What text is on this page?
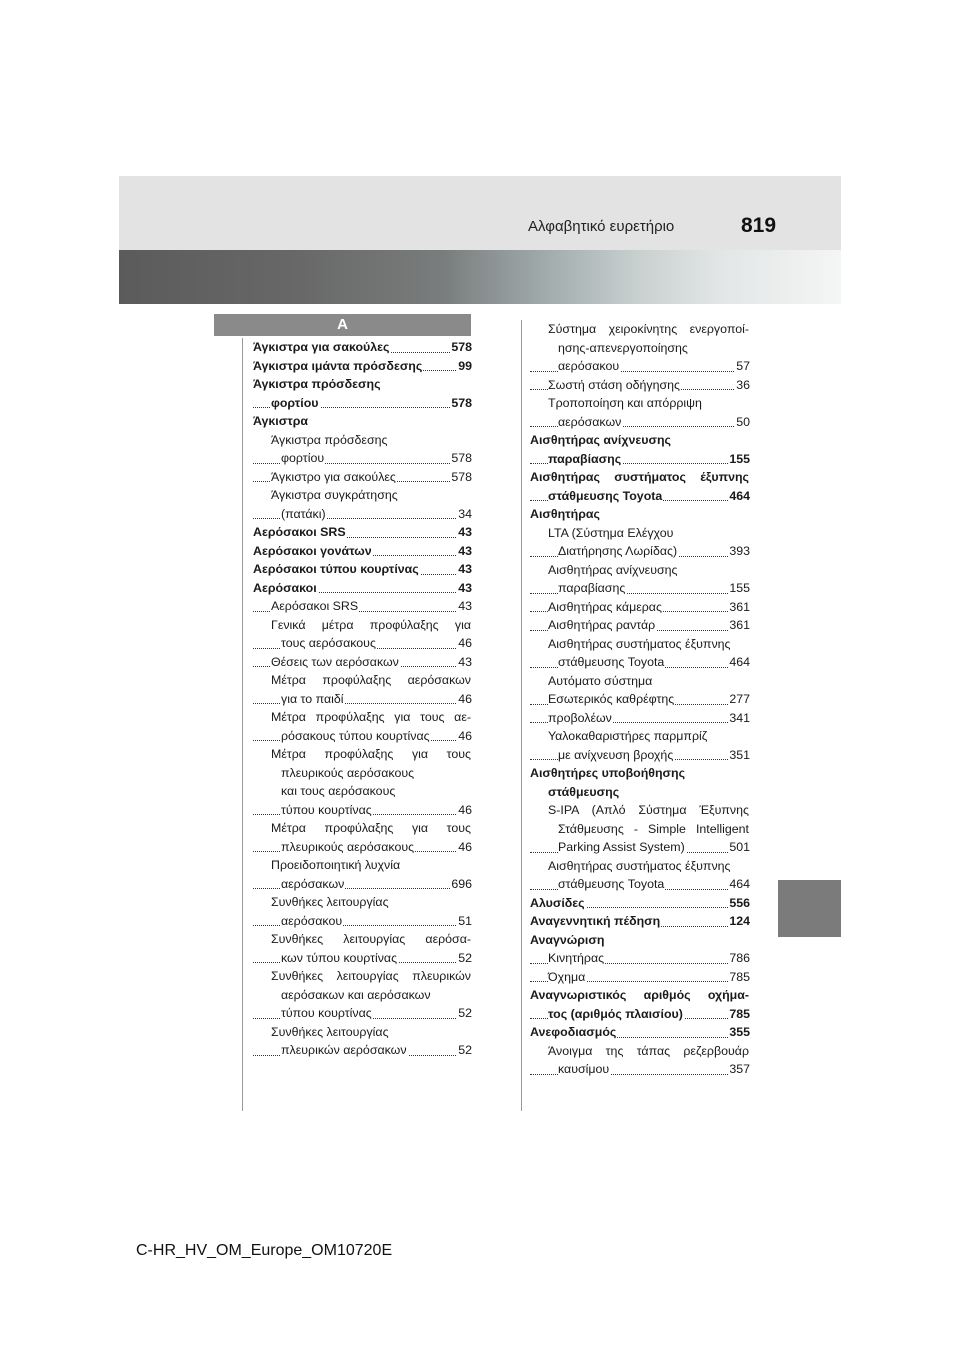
Αλφαβητικό ευρετήριο	819
A
Άγκιστρα για σακούλες	578
Άγκιστρα ιμάντα πρόσδεσης	99
Άγκιστρα πρόσδεσης
φορτίου	578
Άγκιστρα
Άγκιστρα πρόσδεσης
φορτίου	578
Άγκιστρο για σακούλες	578
Άγκιστρα συγκράτησης
(πατάκι)	34
Αερόσακοι SRS	43
Αερόσακοι γονάτων	43
Αερόσακοι τύπου κουρτίνας	43
Αερόσακοι	43
Αερόσακοι SRS	43
Γενικά μέτρα προφύλαξης για
τους αερόσακους	46
Θέσεις των αερόσακων	43
Μέτρα προφύλαξης αερόσακων
για το παιδί	46
Μέτρα προφύλαξης για τους αε-
ρόσακους τύπου κουρτίνας 46
Μέτρα προφύλαξης για τους
πλευρικούς αερόσακους
και τους αερόσακους
τύπου κουρτίνας	46
Μέτρα προφύλαξης για τους
πλευρικούς αερόσακους	46
Προειδοποιητική λυχνία
αερόσακων	696
Συνθήκες λειτουργίας
αερόσακου	51
Συνθήκες λειτουργίας αερόσα-
κων τύπου κουρτίνας	52
Συνθήκες λειτουργίας πλευρικών
αερόσακων και αερόσακων
τύπου κουρτίνας	52
Συνθήκες λειτουργίας
πλευρικών αερόσακων	52
Σύστημα χειροκίνητης ενεργοποί-
ησης-απενεργοποίησης
αερόσακου	57
Σωστή στάση οδήγησης	36
Τροποποίηση και απόρριψη
αερόσακων	50
Αισθητήρας ανίχνευσης
παραβίασης	155
Αισθητήρας συστήματος έξυπνης
στάθμευσης Toyota	464
Αισθητήρας
LTA (Σύστημα Ελέγχου
Διατήρησης Λωρίδας)	393
Αισθητήρας ανίχνευσης
παραβίασης	155
Αισθητήρας κάμερας	361
Αισθητήρας ραντάρ	361
Αισθητήρας συστήματος έξυπνης
στάθμευσης Toyota	464
Αυτόματο σύστημα
Εσωτερικός καθρέφτης	277
προβολέων	341
Υαλοκαθαριστήρες παρμπρίζ
με ανίχνευση βροχής	351
Αισθητήρες υποβοήθησης
στάθμευσης
S-IPA (Απλό Σύστημα Έξυπνης
Στάθμευσης - Simple Intelligent
Parking Assist System)	501
Αισθητήρας συστήματος έξυπνης
στάθμευσης Toyota	464
Αλυσίδες	556
Αναγεννητική πέδηση	124
Αναγνώριση
Κινητήρας	786
Όχημα	785
Αναγνωριστικός αριθμός οχήμα-
τος (αριθμός πλαισίου)	785
Ανεφοδιασμός	355
Άνοιγμα της τάπας ρεζερβουάρ
καυσίμου	357
C-HR_HV_OM_Europe_OM10720E
